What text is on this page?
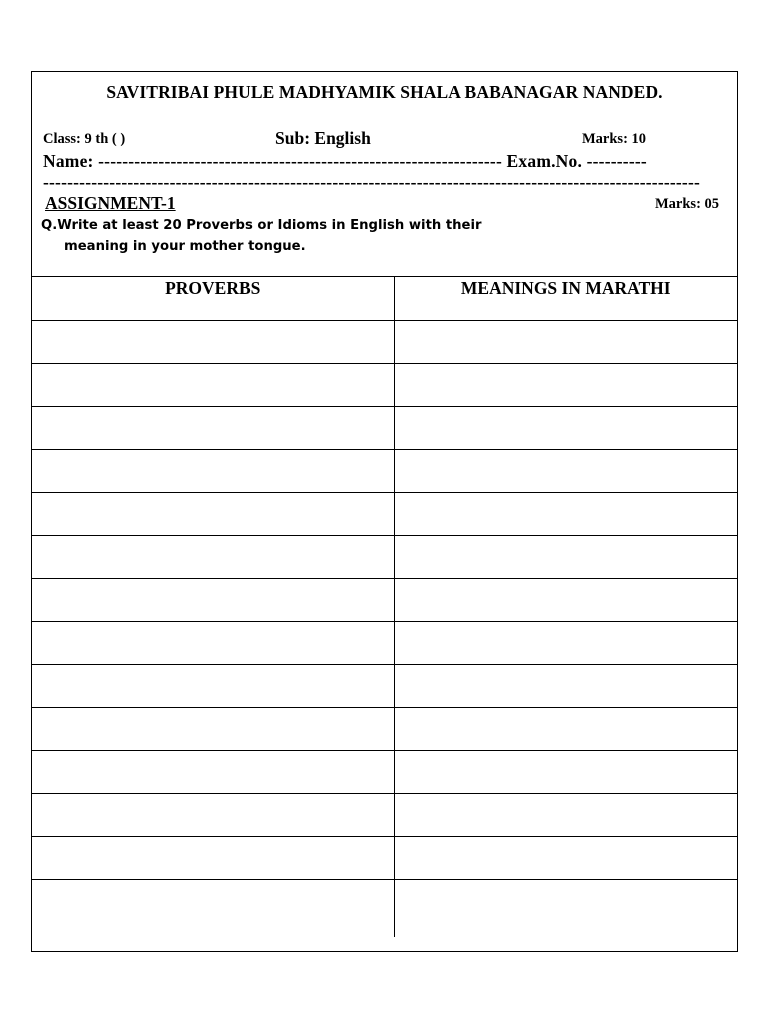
SAVITRIBAI PHULE MADHYAMIK SHALA BABANAGAR NANDED.
Class: 9 th ( )	Sub: English	Marks: 10
Name: ------------------------------------------------------------------- Exam.No. ----------
-------------------------------------------------------------------------------------------------------------
ASSIGNMENT-1	Marks: 05
Q.Write at least 20 Proverbs or Idioms in English with their
meaning in your mother tongue.
PROVERBS	MEANINGS IN MARATHI
